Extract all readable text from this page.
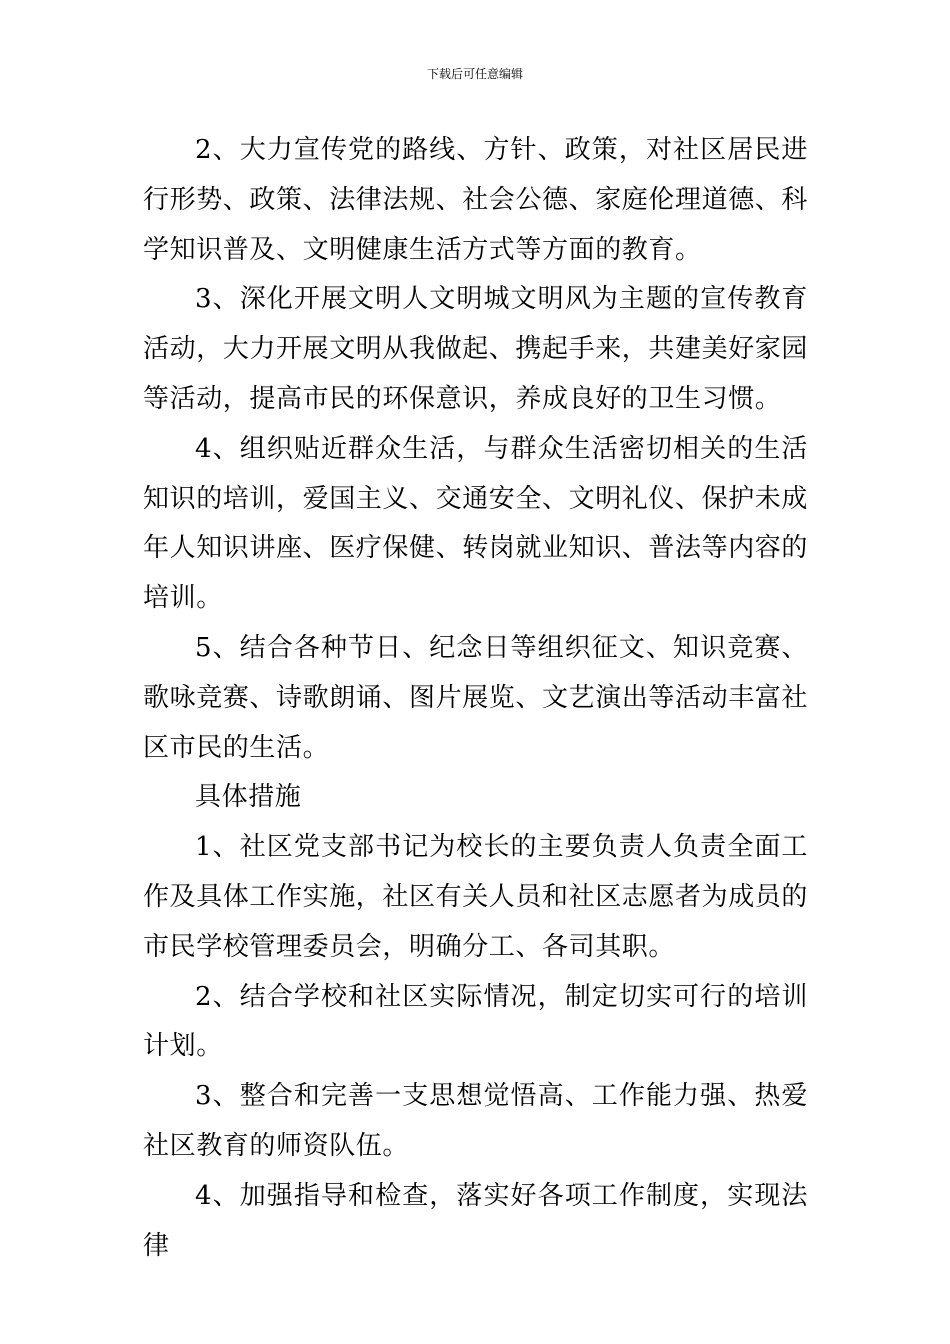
下载后可任意编辑

2、大力宣传党的路线、方针、政策，对社区居民进行形势、政策、法律法规、社会公德、家庭伦理道德、科学知识普及、文明健康生活方式等方面的教育。

3、深化开展文明人文明城文明风为主题的宣传教育活动，大力开展文明从我做起、携起手来，共建美好家园等活动，提高市民的环保意识，养成良好的卫生习惯。

4、组织贴近群众生活，与群众生活密切相关的生活知识的培训，爱国主义、交通安全、文明礼仪、保护未成年人知识讲座、医疗保健、转岗就业知识、普法等内容的培训。

5、结合各种节日、纪念日等组织征文、知识竞赛、歌咏竞赛、诗歌朗诵、图片展览、文艺演出等活动丰富社区市民的生活。

具体措施

1、社区党支部书记为校长的主要负责人负责全面工作及具体工作实施，社区有关人员和社区志愿者为成员的市民学校管理委员会，明确分工、各司其职。

2、结合学校和社区实际情况，制定切实可行的培训计划。

3、整合和完善一支思想觉悟高、工作能力强、热爱社区教育的师资队伍。

4、加强指导和检查，落实好各项工作制度，实现法律
